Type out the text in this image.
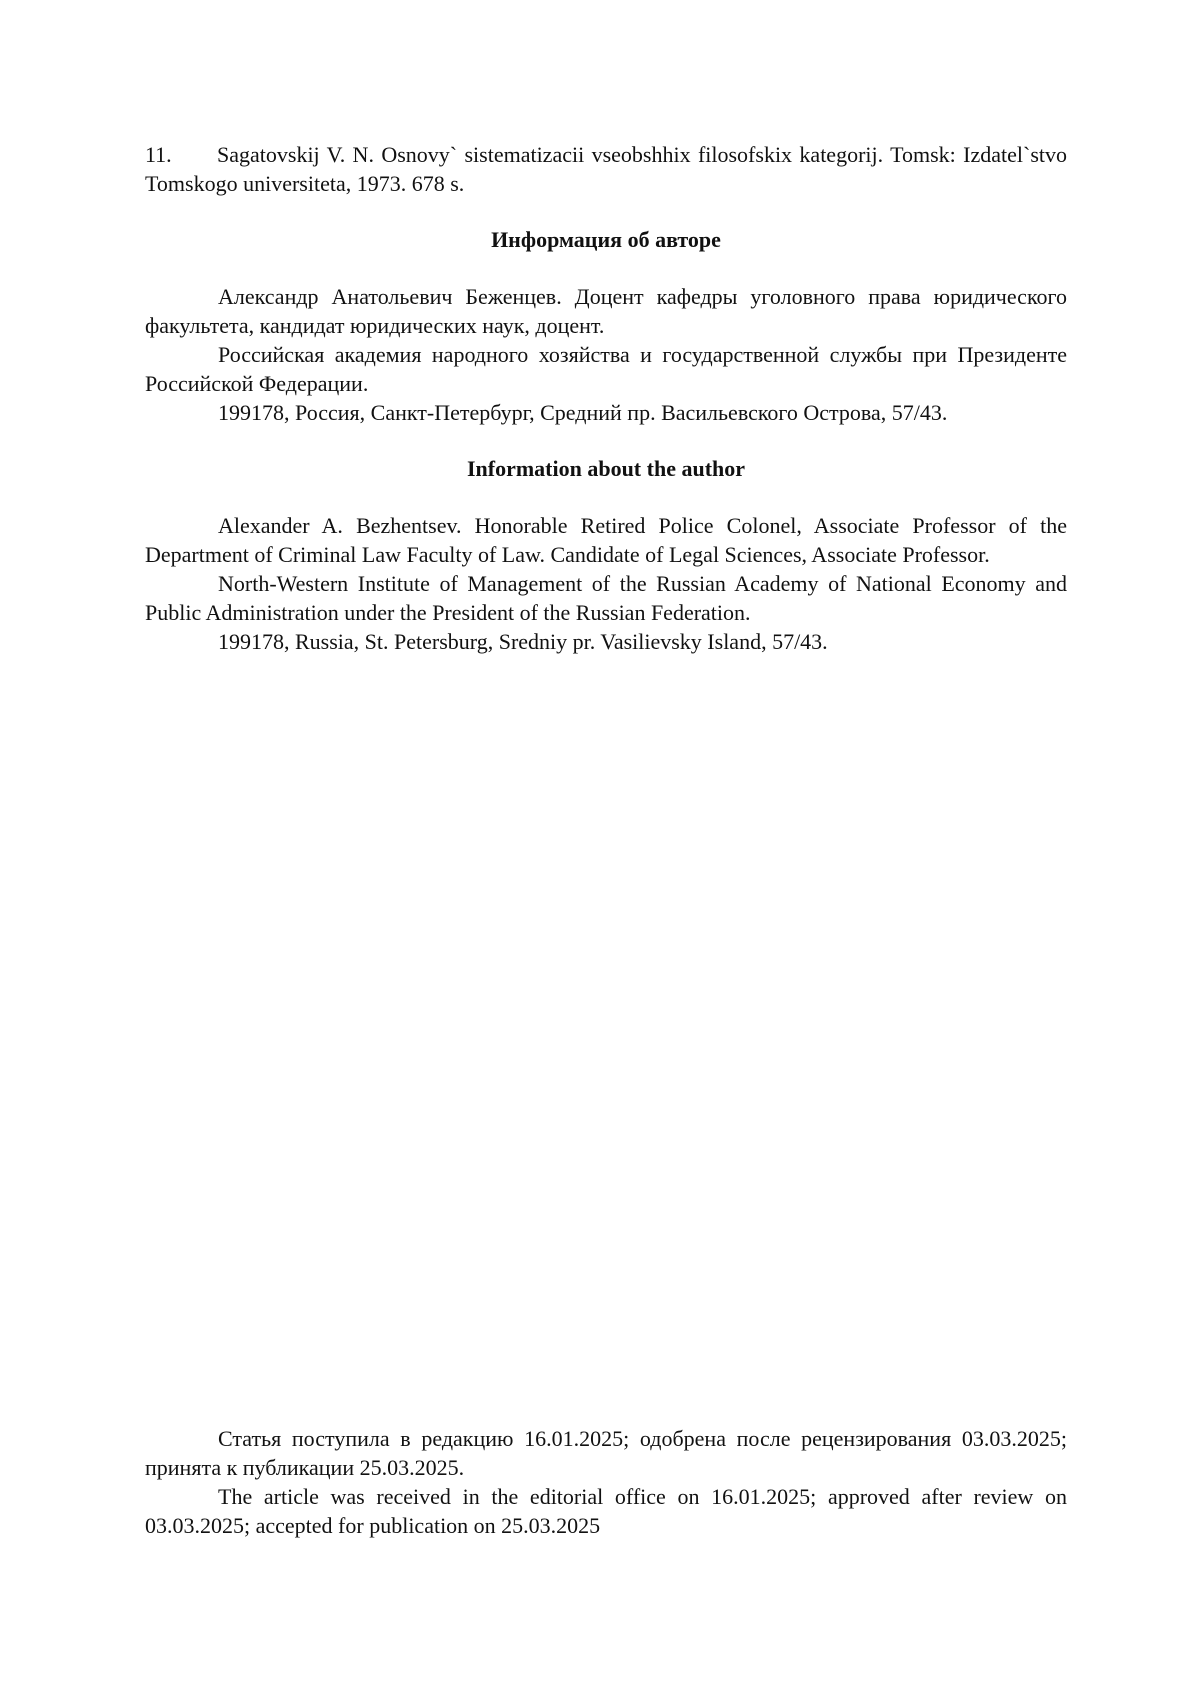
11. Sagatovskij V. N. Osnovy` sistematizacii vseobshhix filosofskix kategorij. Tomsk: Izdatel`stvo Tomskogo universiteta, 1973. 678 s.

Информация об авторе

Александр Анатольевич Беженцев. Доцент кафедры уголовного права юридического факультета, кандидат юридических наук, доцент.

Российская академия народного хозяйства и государственной службы при Президенте Российской Федерации.

199178, Россия, Санкт-Петербург, Средний пр. Васильевского Острова, 57/43.

Information about the author

Alexander A. Bezhentsev. Honorable Retired Police Colonel, Associate Professor of the Department of Criminal Law Faculty of Law. Candidate of Legal Sciences, Associate Professor.

North-Western Institute of Management of the Russian Academy of National Economy and Public Administration under the President of the Russian Federation.

199178, Russia, St. Petersburg, Sredniy pr. Vasilievsky Island, 57/43.

Статья поступила в редакцию 16.01.2025; одобрена после рецензирования 03.03.2025; принята к публикации 25.03.2025.

The article was received in the editorial office on 16.01.2025; approved after review on 03.03.2025; accepted for publication on 25.03.2025
